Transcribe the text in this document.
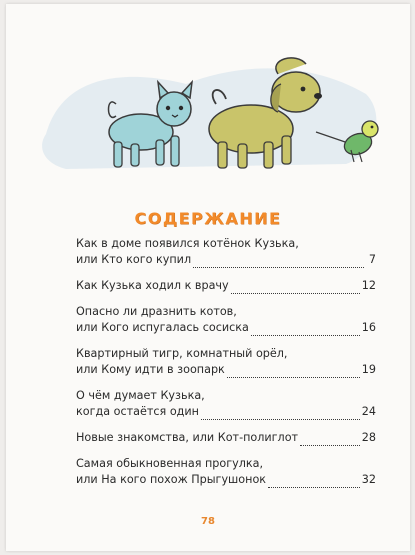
СОДЕРЖАНИЕ
Как в доме появился котёнок Кузька,
или Кто кого купил	7
Как Кузька ходил к врачу	12
Опасно ли дразнить котов,
или Кого испугалась сосиска	16
Квартирный тигр, комнатный орёл,
или Кому идти в зоопарк	19
О чём думает Кузька,
когда остаётся один	24
Новые знакомства, или Кот-полиглот	28
Самая обыкновенная прогулка,
или На кого похож Прыгушонок	32
78
